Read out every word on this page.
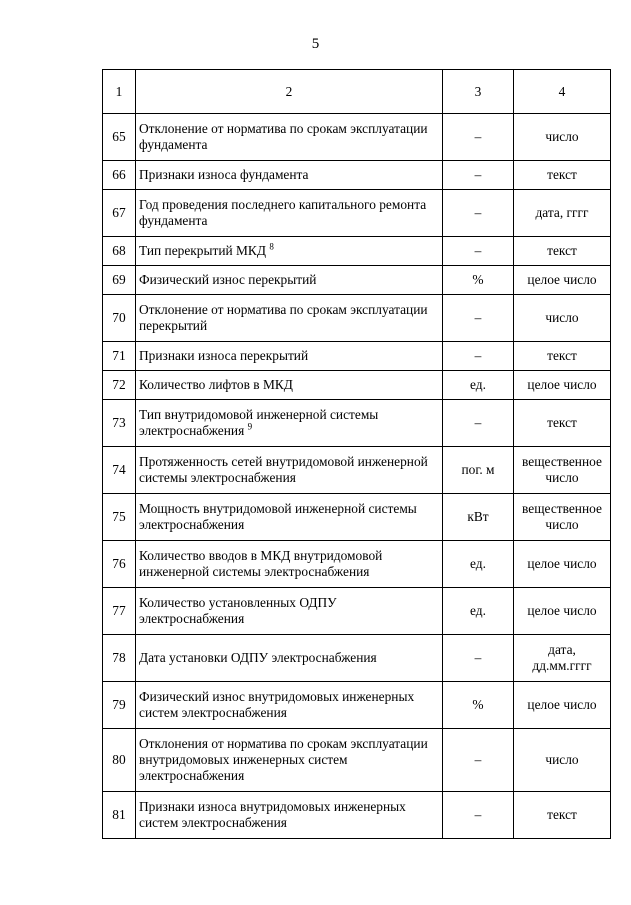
5
1	2	3	4
65	Отклонение от норматива по срокам эксплуатации фундамента	–	число
66	Признаки износа фундамента	–	текст
67	Год проведения последнего капитального ремонта фундамента	–	дата, гггг
68	Тип перекрытий МКД $^8$	–	текст
69	Физический износ перекрытий	%	целое число
70	Отклонение от норматива по срокам эксплуатации перекрытий	–	число
71	Признаки износа перекрытий	–	текст
72	Количество лифтов в МКД	ед.	целое число
73	Тип внутридомовой инженерной системы электроснабжения $^9$	–	текст
74	Протяженность сетей внутридомовой инженерной системы электроснабжения	пог. м	вещественное число
75	Мощность внутридомовой инженерной системы электроснабжения	кВт	вещественное число
76	Количество вводов в МКД внутридомовой инженерной системы электроснабжения	ед.	целое число
77	Количество установленных ОДПУ электроснабжения	ед.	целое число
78	Дата установки ОДПУ электроснабжения	–	дата, дд.мм.гггг
79	Физический износ внутридомовых инженерных систем электроснабжения	%	целое число
80	Отклонения от норматива по срокам эксплуатации внутридомовых инженерных систем электроснабжения	–	число
81	Признаки износа внутридомовых инженерных систем электроснабжения	–	текст
